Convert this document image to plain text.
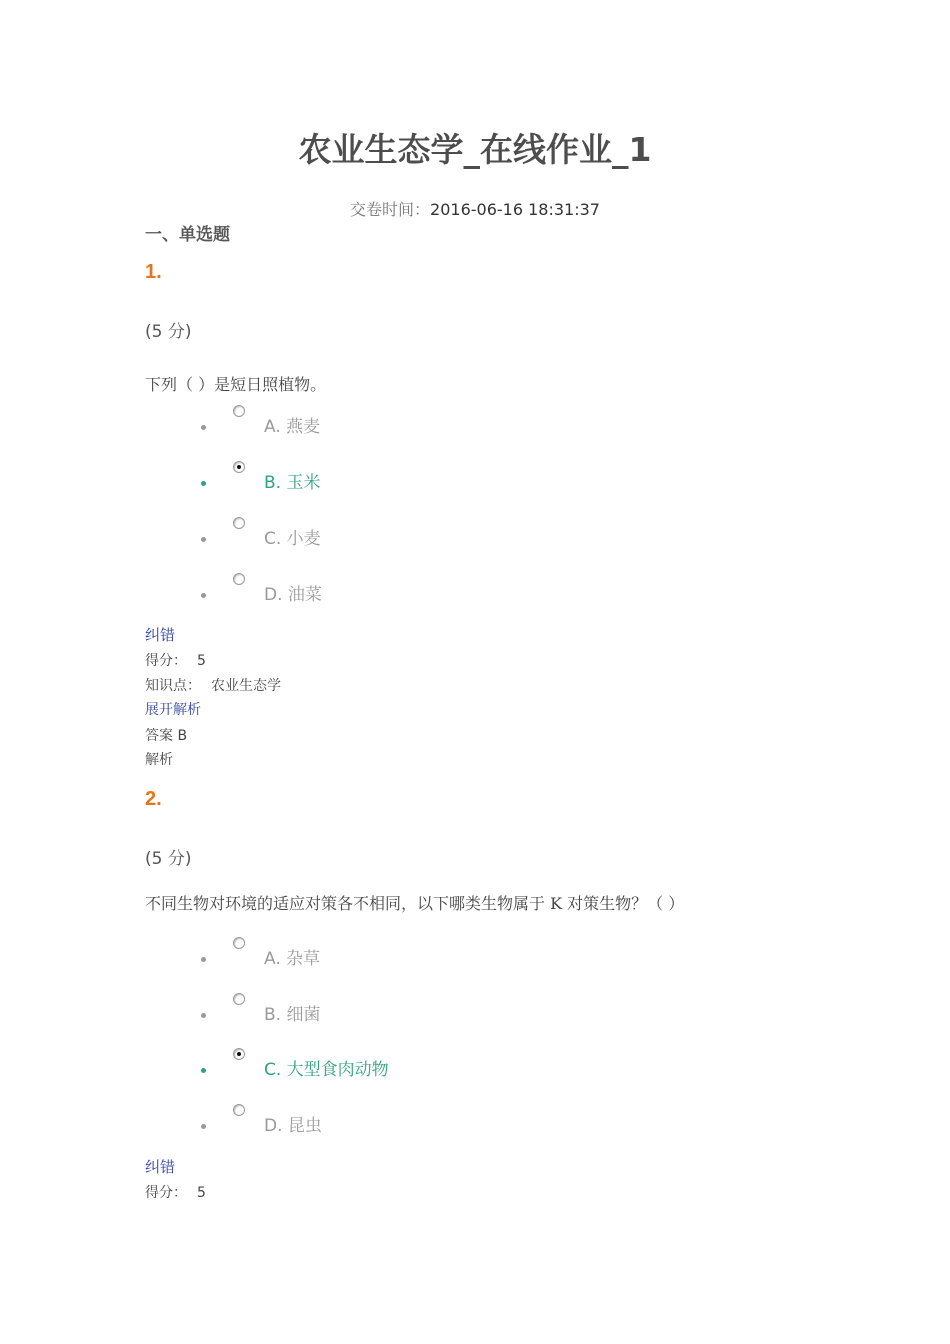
农业生态学_在线作业_1
交卷时间：2016-06-16 18:31:37
一、单选题
1.
(5 分)
下列（ ）是短日照植物。
A. 燕麦
B. 玉米
C. 小麦
D. 油菜
纠错
得分： 5
知识点： 农业生态学
展开解析
答案 B
解析
2.
(5 分)
不同生物对环境的适应对策各不相同，以下哪类生物属于 K 对策生物？（ ）
A. 杂草
B. 细菌
C. 大型食肉动物
D. 昆虫
纠错
得分： 5
